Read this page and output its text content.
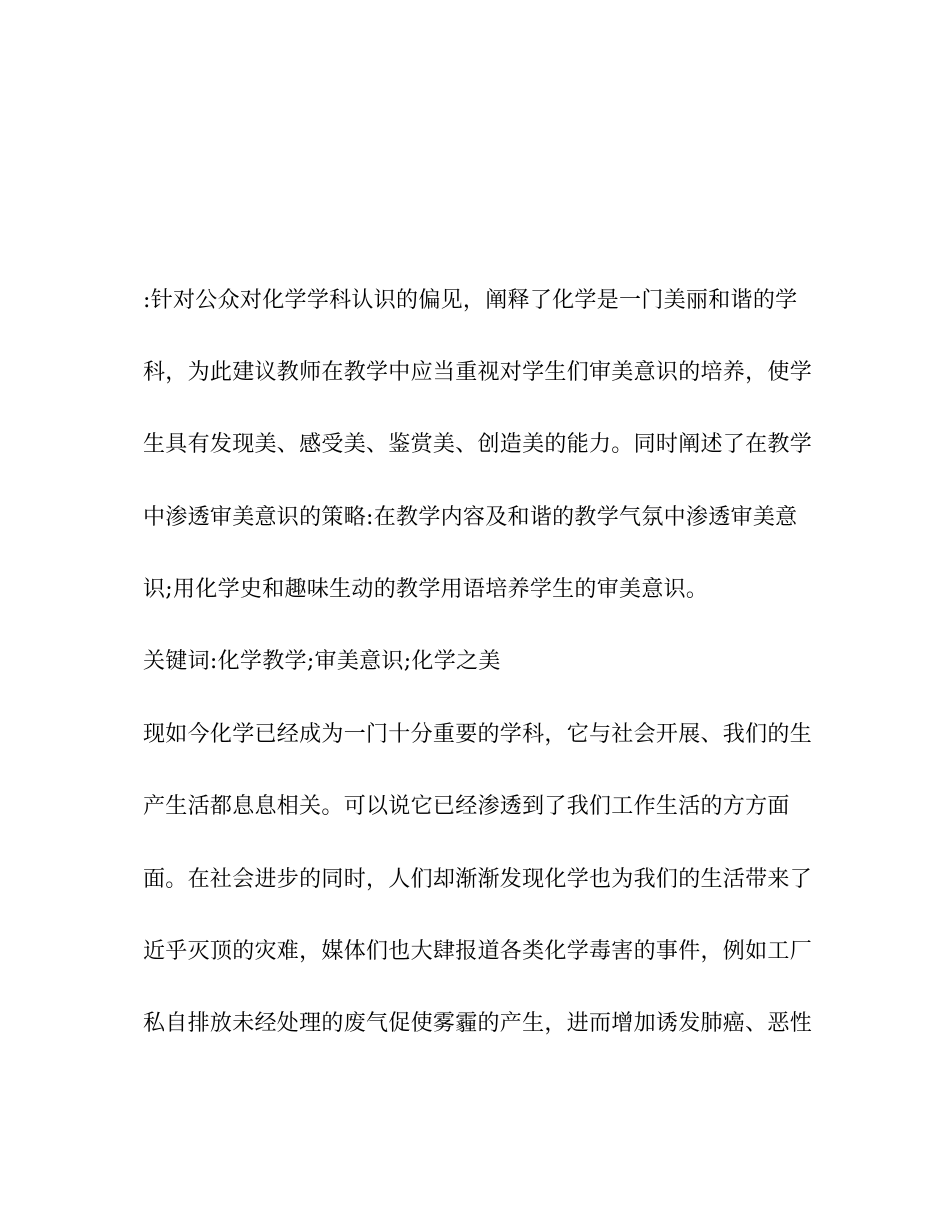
:针对公众对化学学科认识的偏见，阐释了化学是一门美丽和谐的学
科，为此建议教师在教学中应当重视对学生们审美意识的培养，使学
生具有发现美、感受美、鉴赏美、创造美的能力。同时阐述了在教学
中渗透审美意识的策略:在教学内容及和谐的教学气氛中渗透审美意
识;用化学史和趣味生动的教学用语培养学生的审美意识。
关键词:化学教学;审美意识;化学之美
现如今化学已经成为一门十分重要的学科，它与社会开展、我们的生
产生活都息息相关。可以说它已经渗透到了我们工作生活的方方面
面。在社会进步的同时，人们却渐渐发现化学也为我们的生活带来了
近乎灭顶的灾难，媒体们也大肆报道各类化学毒害的事件，例如工厂
私自排放未经处理的废气促使雾霾的产生，进而增加诱发肺癌、恶性
